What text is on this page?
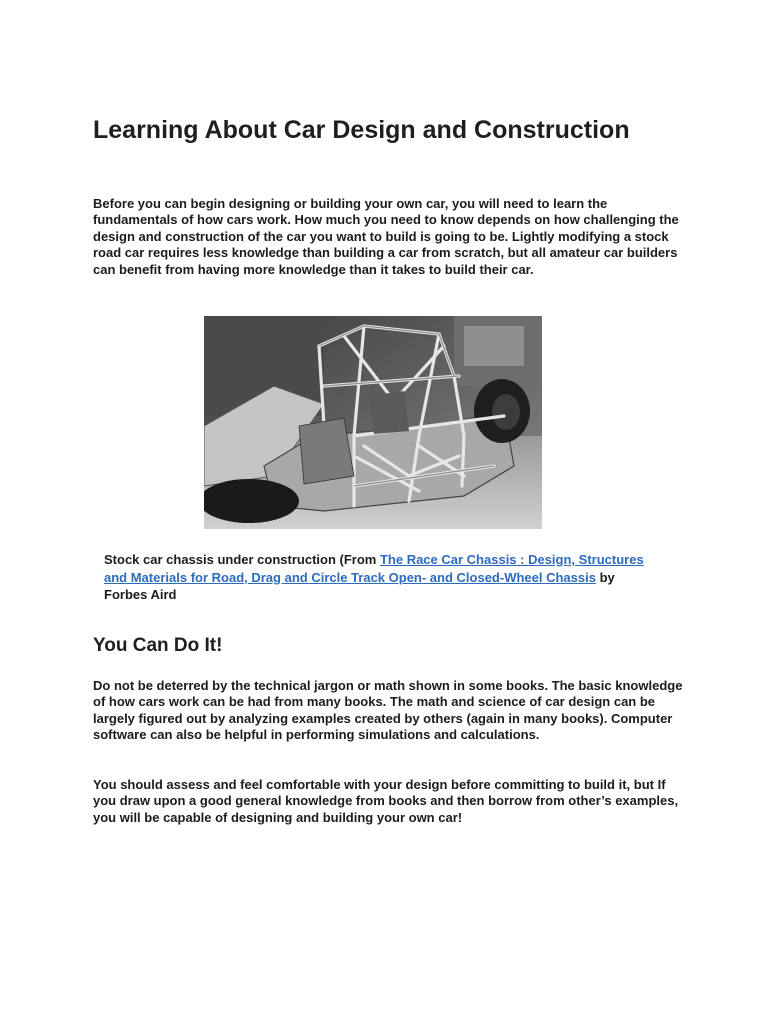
Learning About Car Design and Construction

Before you can begin designing or building your own car, you will need to learn the fundamentals of how cars work. How much you need to know depends on how challenging the design and construction of the car you want to build is going to be. Lightly modifying a stock road car requires less knowledge than building a car from scratch, but all amateur car builders can benefit from having more knowledge than it takes to build their car.

Stock car chassis under construction (From The Race Car Chassis : Design, Structures and Materials for Road, Drag and Circle Track Open- and Closed-Wheel Chassis by Forbes Aird

You Can Do It!

Do not be deterred by the technical jargon or math shown in some books. The basic knowledge of how cars work can be had from many books. The math and science of car design can be largely figured out by analyzing examples created by others (again in many books). Computer software can also be helpful in performing simulations and calculations.

You should assess and feel comfortable with your design before committing to build it, but If you draw upon a good general knowledge from books and then borrow from other’s examples, you will be capable of designing and building your own car!
